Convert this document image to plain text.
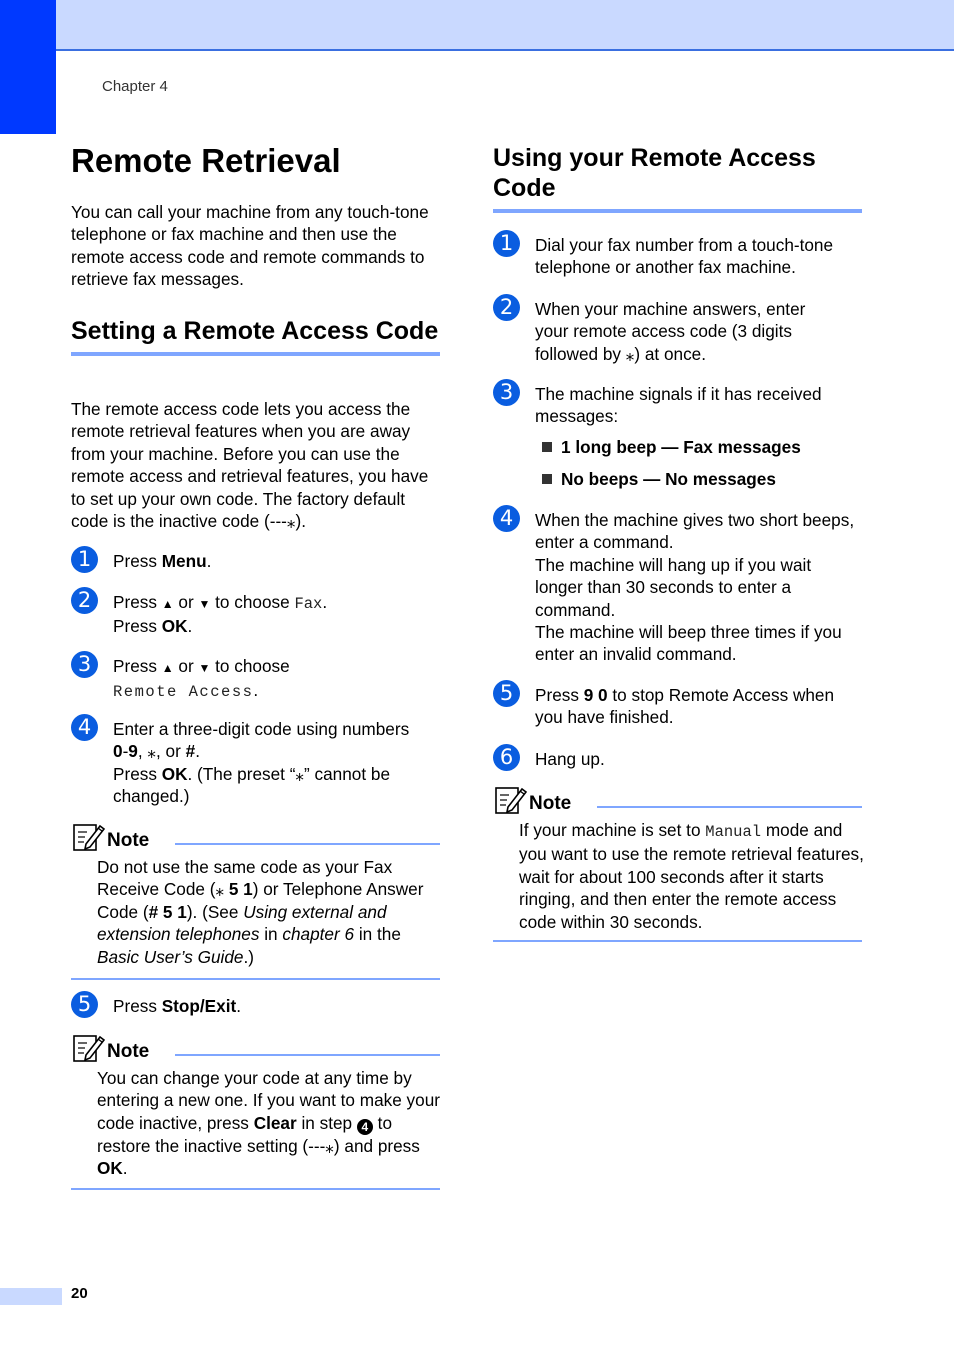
Chapter 4
Remote Retrieval

You can call your machine from any touch-tone telephone or fax machine and then use the remote access code and remote commands to retrieve fax messages.

Setting a Remote Access Code

The remote access code lets you access the remote retrieval features when you are away from your machine. Before you can use the remote access and retrieval features, you have to set up your own code. The factory default code is the inactive code (---⁎).

1	Press Menu.
2	Press ▲ or ▼ to choose Fax.
Press OK.
3	Press ▲ or ▼ to choose
Remote Access.
4	Enter a three-digit code using numbers
0-9, ⁎, or #.
Press OK. (The preset “⁎” cannot be changed.)
Note
Do not use the same code as your Fax Receive Code (⁎ 5 1) or Telephone Answer Code (# 5 1). (See Using external and extension telephones in chapter 6 in the Basic User’s Guide.)
5	Press Stop/Exit.
Note
You can change your code at any time by entering a new one. If you want to make your code inactive, press Clear in step 4 to restore the inactive setting (---⁎) and press OK.
Using your Remote Access Code
1	Dial your fax number from a touch-tone telephone or another fax machine.
2	When your machine answers, enter your remote access code (3 digits followed by ⁎) at once.
3	The machine signals if it has received messages:
1 long beep — Fax messages
No beeps — No messages
4	When the machine gives two short beeps, enter a command.
The machine will hang up if you wait longer than 30 seconds to enter a command.
The machine will beep three times if you enter an invalid command.
5	Press 9 0 to stop Remote Access when you have finished.
6	Hang up.
Note
If your machine is set to Manual mode and you want to use the remote retrieval features, wait for about 100 seconds after it starts ringing, and then enter the remote access code within 30 seconds.
20
